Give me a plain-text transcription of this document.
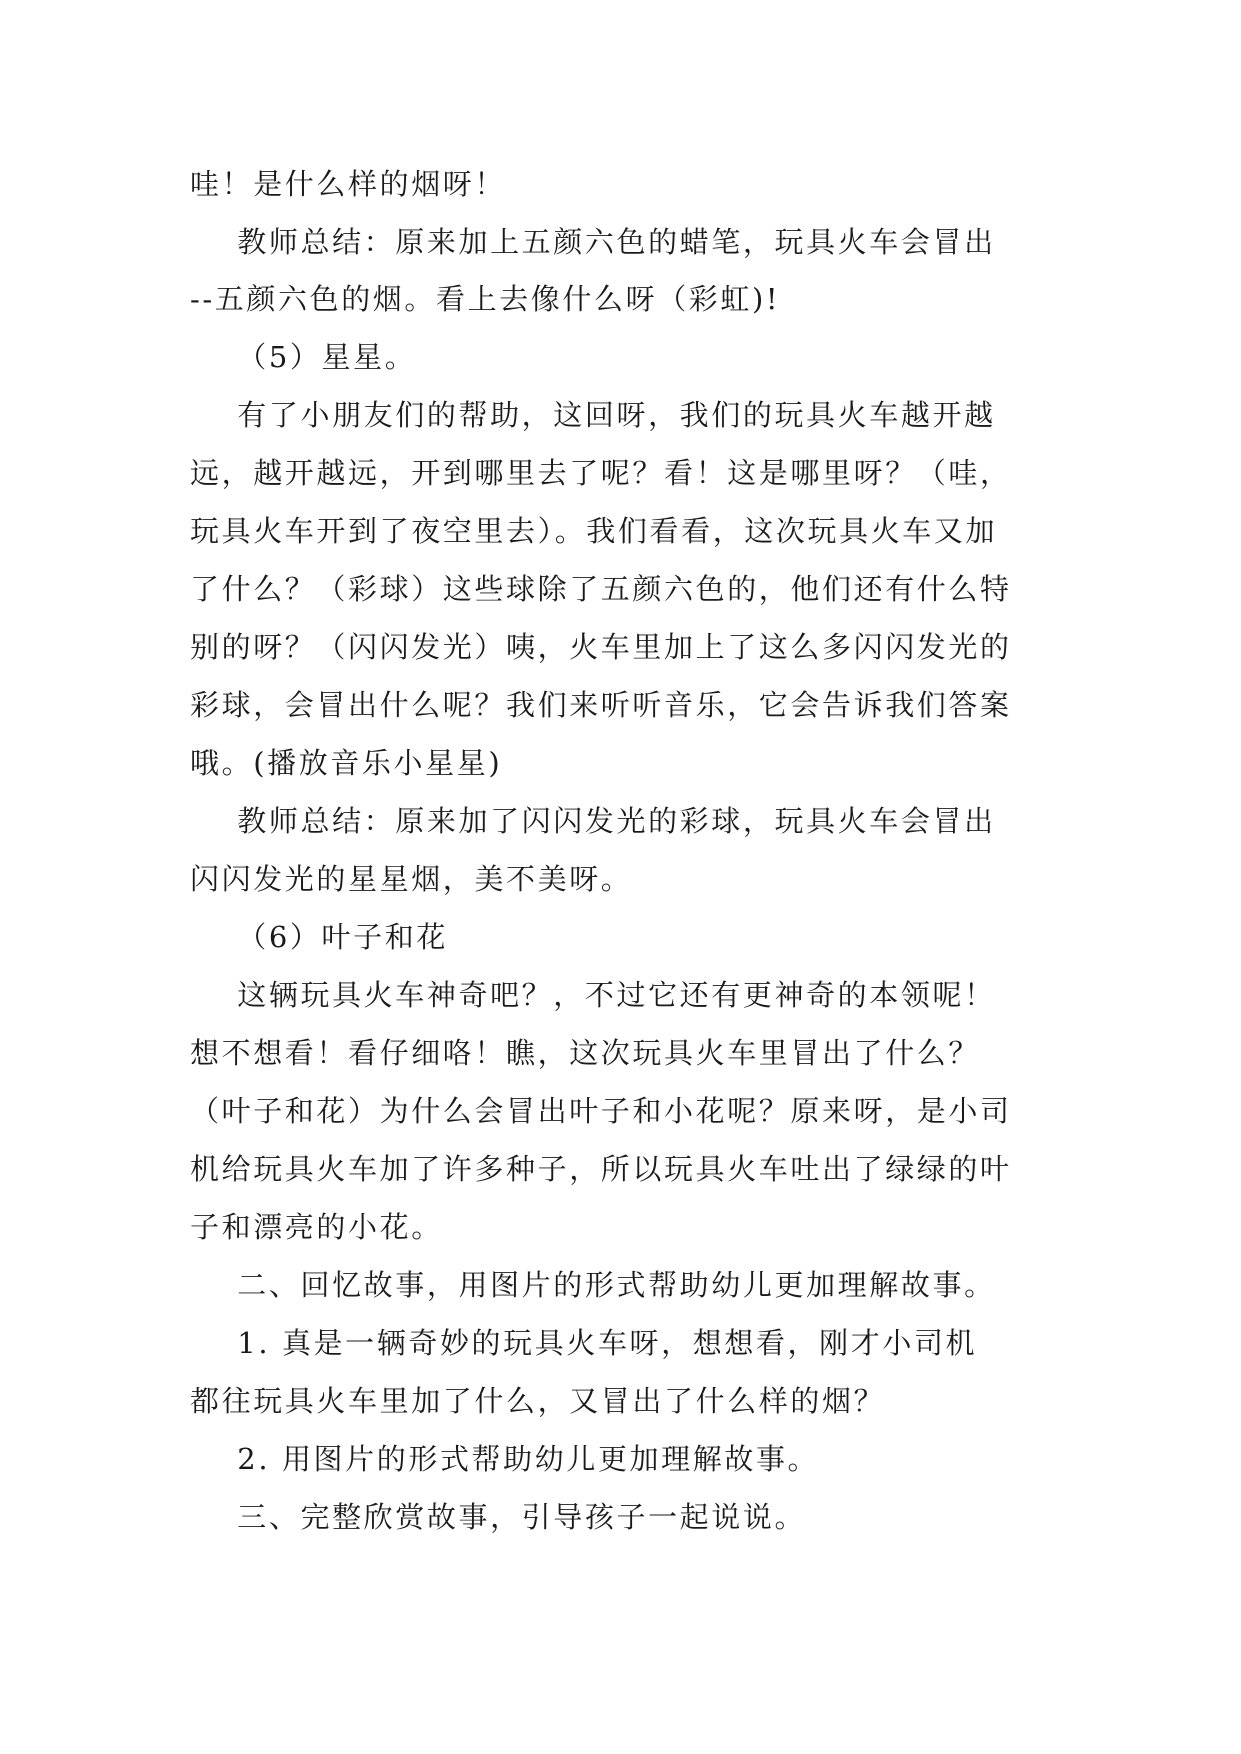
哇！是什么样的烟呀！
教师总结：原来加上五颜六色的蜡笔，玩具火车会冒出
--五颜六色的烟。看上去像什么呀（彩虹)!
（5）星星。
有了小朋友们的帮助，这回呀，我们的玩具火车越开越
远，越开越远，开到哪里去了呢？看！这是哪里呀？（哇，
玩具火车开到了夜空里去）。我们看看，这次玩具火车又加
了什么？（彩球）这些球除了五颜六色的，他们还有什么特
别的呀？（闪闪发光）咦，火车里加上了这么多闪闪发光的
彩球，会冒出什么呢？我们来听听音乐，它会告诉我们答案
哦。(播放音乐小星星)
教师总结：原来加了闪闪发光的彩球，玩具火车会冒出
闪闪发光的星星烟，美不美呀。
（6）叶子和花
这辆玩具火车神奇吧？，不过它还有更神奇的本领呢！
想不想看！看仔细咯！瞧，这次玩具火车里冒出了什么？
（叶子和花）为什么会冒出叶子和小花呢？原来呀，是小司
机给玩具火车加了许多种子，所以玩具火车吐出了绿绿的叶
子和漂亮的小花。
二、回忆故事，用图片的形式帮助幼儿更加理解故事。
1. 真是一辆奇妙的玩具火车呀，想想看，刚才小司机
都往玩具火车里加了什么，又冒出了什么样的烟？
2. 用图片的形式帮助幼儿更加理解故事。
三、完整欣赏故事，引导孩子一起说说。
